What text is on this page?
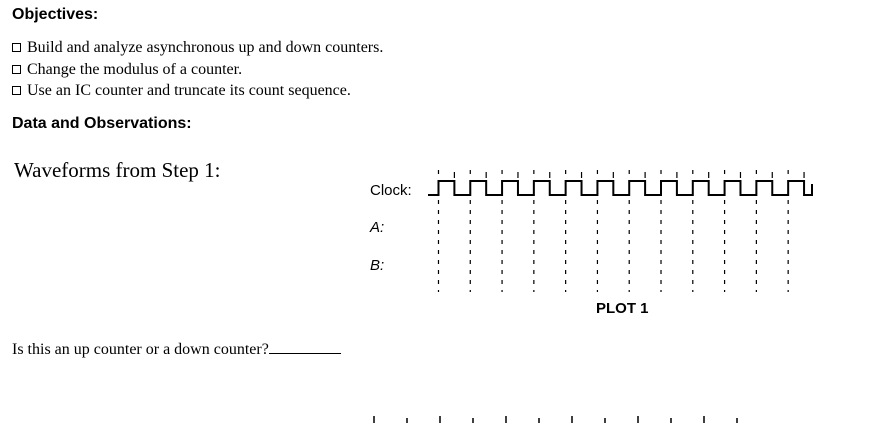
Objectives:
Build and analyze asynchronous up and down counters.
Change the modulus of a counter.
Use an IC counter and truncate its count sequence.
Data and Observations:
Waveforms from Step 1:
Clock:
A:
B:
PLOT 1
Is this an up counter or a down counter?
